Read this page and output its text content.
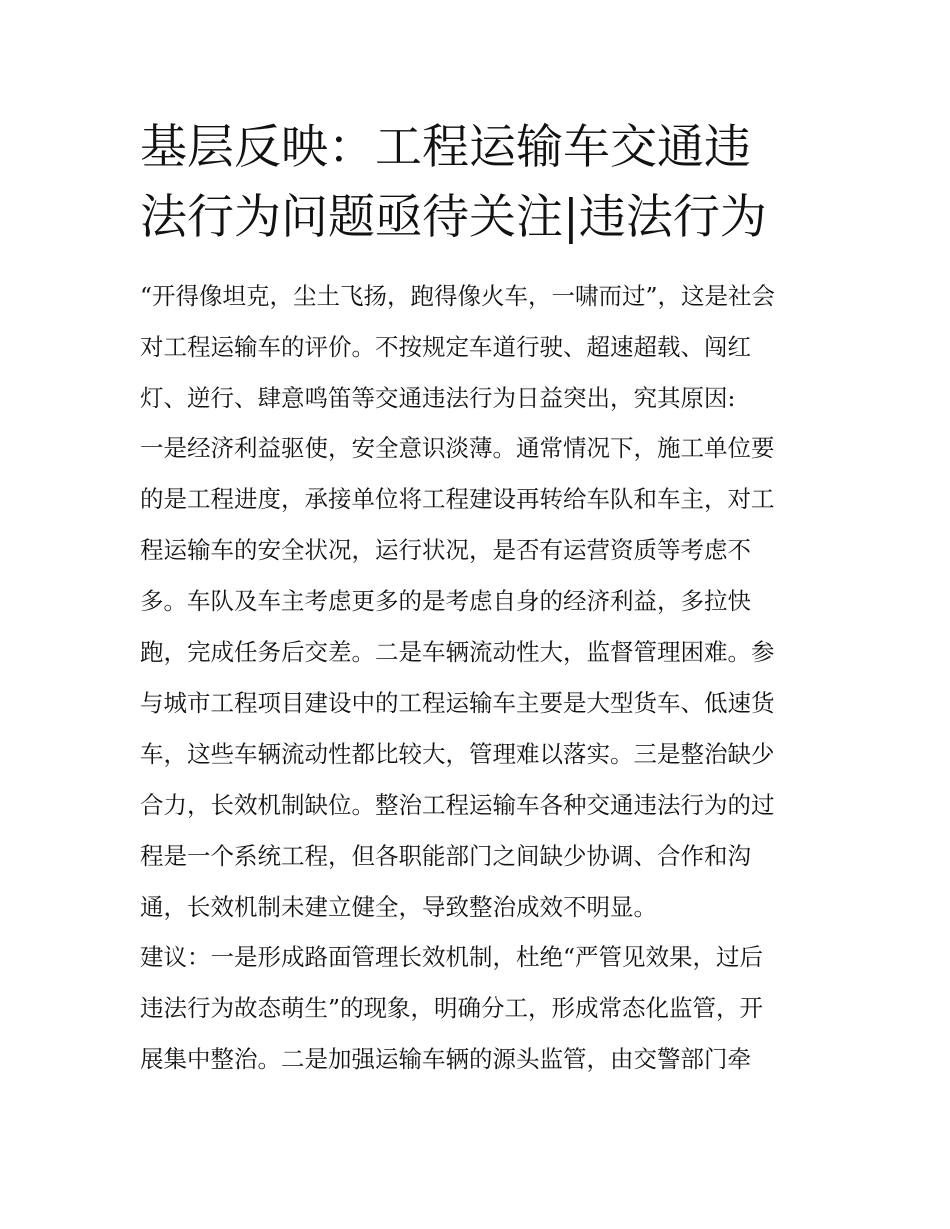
基层反映：工程运输车交通违
法行为问题亟待关注|违法行为
“开得像坦克，尘土飞扬，跑得像火车，一啸而过”，这是社会
对工程运输车的评价。不按规定车道行驶、超速超载、闯红
灯、逆行、肆意鸣笛等交通违法行为日益突出，究其原因:
一是经济利益驱使，安全意识淡薄。通常情况下，施工单位要
的是工程进度，承接单位将工程建设再转给车队和车主，对工
程运输车的安全状况，运行状况，是否有运营资质等考虑不
多。车队及车主考虑更多的是考虑自身的经济利益，多拉快
跑，完成任务后交差。二是车辆流动性大，监督管理困难。参
与城市工程项目建设中的工程运输车主要是大型货车、低速货
车，这些车辆流动性都比较大，管理难以落实。三是整治缺少
合力，长效机制缺位。整治工程运输车各种交通违法行为的过
程是一个系统工程，但各职能部门之间缺少协调、合作和沟
通，长效机制未建立健全，导致整治成效不明显。
建议：一是形成路面管理长效机制，杜绝“严管见效果，过后
违法行为故态萌生”的现象，明确分工，形成常态化监管，开
展集中整治。二是加强运输车辆的源头监管，由交警部门牵
